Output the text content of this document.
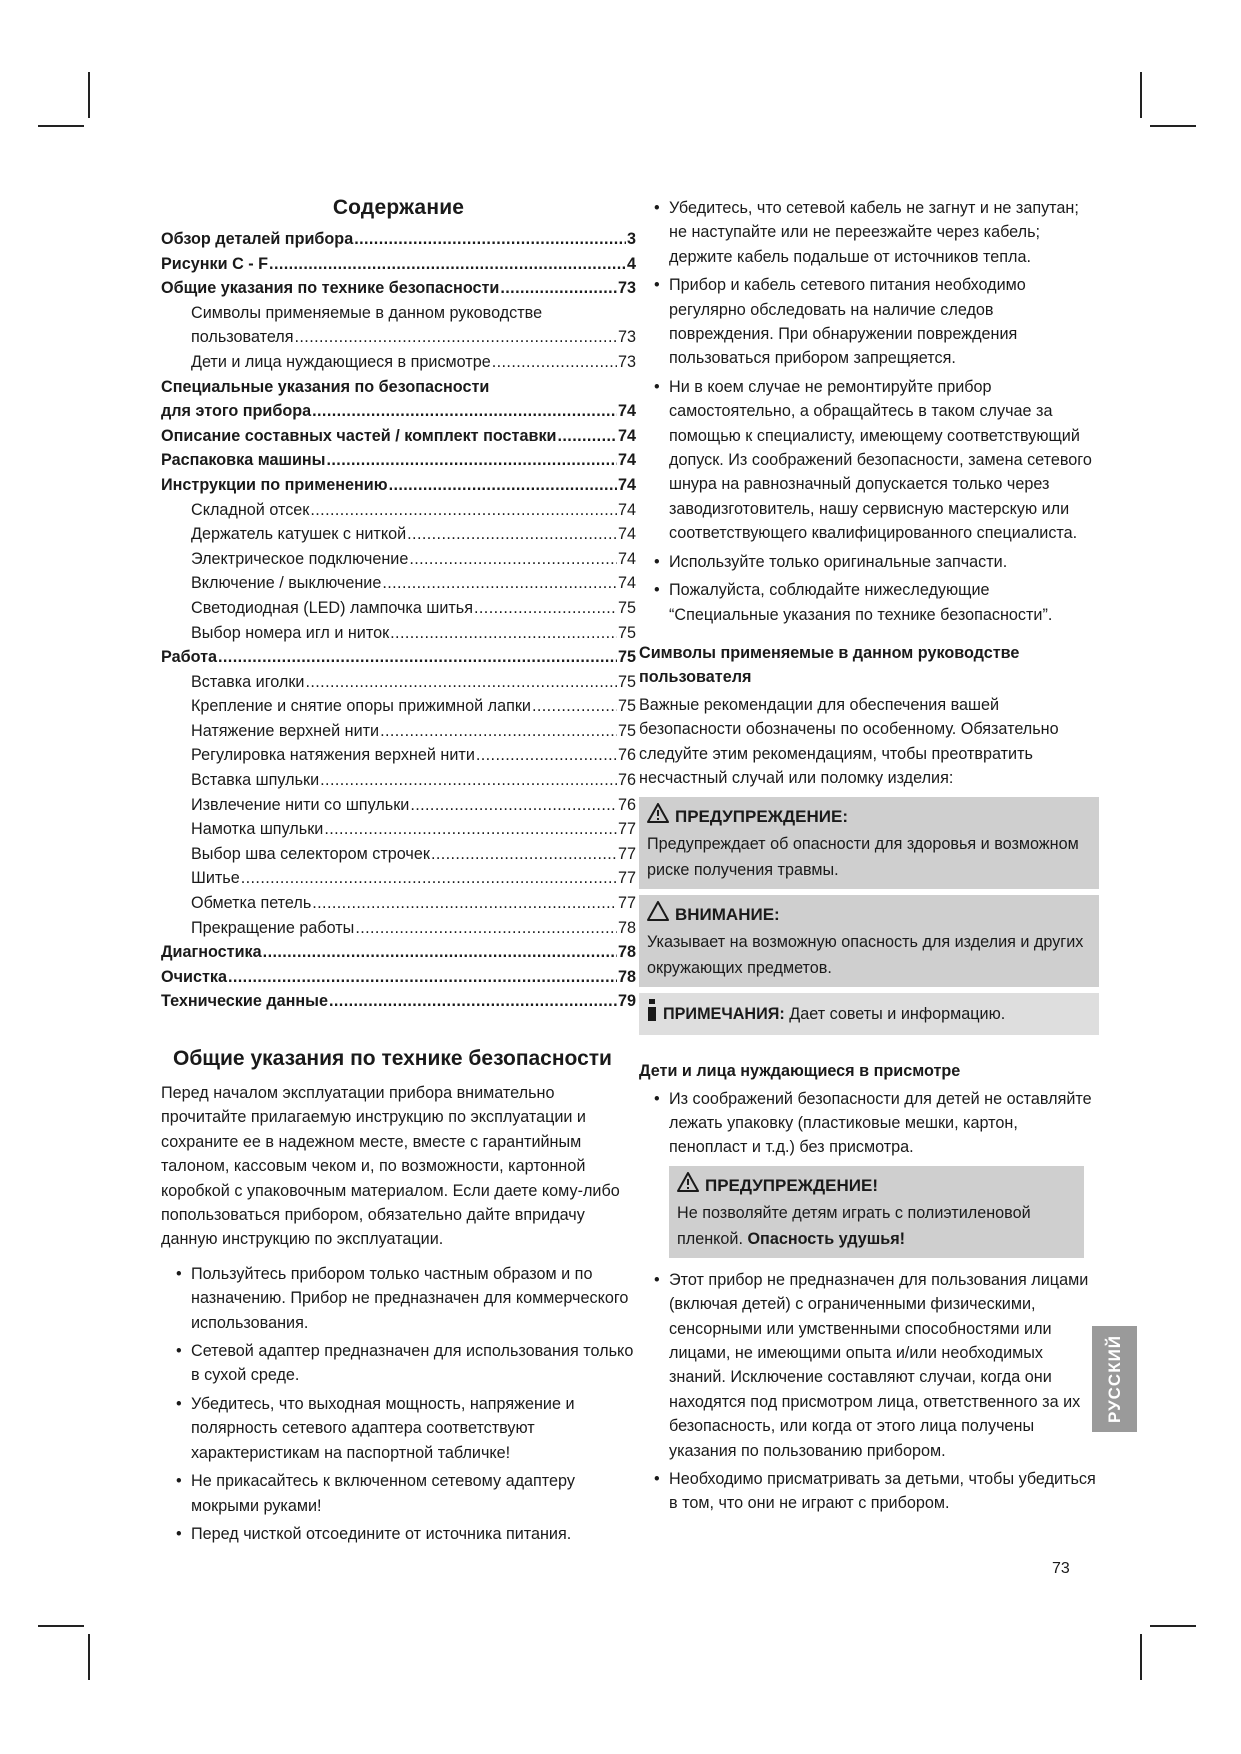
Содержание
Обзор деталей прибора .....	3
Рисунки C - F .....	4
Общие указания по технике безопасности .....	73
Символы применяемые в данном руководстве
пользователя .....	73
Дети и лица нуждающиеся в присмотре .....	73
Специальные указания по безопасности
для этого прибора .....	74
Описание составных частей / комплект поставки .....	74
Распаковка машины .....	74
Инструкции по применению .....	74
Складной отсек .....	74
Держатель катушек с ниткой .....	74
Электрическое подключение .....	74
Включение / выключение .....	74
Светодиодная (LED) лампочка шитья .....	75
Выбор номера игл и ниток .....	75
Работа .....	75
Вставка иголки .....	75
Крепление и снятие опоры прижимной лапки .....	75
Натяжение верхней нити .....	75
Регулировка натяжения верхней нити .....	76
Вставка шпульки .....	76
Извлечение нити со шпульки .....	76
Намотка шпульки .....	77
Выбор шва селектором строчек .....	77
Шитье .....	77
Обметка петель .....	77
Прекращение работы .....	78
Диагностика .....	78
Очистка .....	78
Технические данные .....	79
Общие указания по технике безопасности

Перед началом эксплуатации прибора внимательно прочитайте прилагаемую инструкцию по эксплуатации и сохраните ее в надежном месте, вместе с гарантийным талоном, кассовым чеком и, по возможности, картонной коробкой с упаковочным материалом. Если даете кому-либо попользоваться прибором, обязательно дайте впридачу данную инструкцию по эксплуатации.

• Пользуйтесь прибором только частным образом и по назначению. Прибор не предназначен для коммерческого использования.
• Сетевой адаптер предназначен для использования только в сухой среде.
• Убедитесь, что выходная мощность, напряжение и полярность сетевого адаптера соответствуют характеристикам на паспортной табличке!
• Не прикасайтесь к включенном сетевому адаптеру мокрыми руками!
• Перед чисткой отсоедините от источника питания.
• Убедитесь, что сетевой кабель не загнут и не запутан; не наступайте или не переезжайте через кабель; держите кабель подальше от источников тепла.
• Прибор и кабель сетевого питания необходимо регулярно обследовать на наличие следов повреждения. При обнаружении повреждения пользоваться прибором запрещяется.
• Ни в коем случае не ремонтируйте прибор самостоятельно, а обращайтесь в таком случае за помощью к специалисту, имеющему соответствующий допуск. Из соображений безопасности, замена сетевого шнура на равнозначный допускается только через заводизготовитель, нашу сервисную мастерскую или соответствующего квалифицированного специалиста.
• Используйте только оригинальные запчасти.
• Пожалуйста, соблюдайте нижеследующие “Специальные указания по технике безопасности”.
Символы применяемые в данном руководстве пользователя

Важные рекомендации для обеспечения вашей безопасности обозначены по особенному. Обязательно следуйте этим рекомендациям, чтобы преотвратить несчастный случай или поломку изделия:

ПРЕДУПРЕЖДЕНИЕ:
Предупреждает об опасности для здоровья и возможном риске получения травмы.
ВНИМАНИЕ:
Указывает на возможную опасность для изделия и других окружающих предметов.
ПРИМЕЧАНИЯ: Дает советы и информацию.
Дети и лица нуждающиеся в присмотре
• Из соображений безопасности для детей не оставляйте лежать упаковку (пластиковые мешки, картон, пенопласт и т.д.) без присмотра.
ПРЕДУПРЕЖДЕНИЕ!
Не позволяйте детям играть с полиэтиленовой пленкой. Опасность удушья!
• Этот прибор не предназначен для пользования лицами (включая детей) с ограниченными физическими, сенсорными или умственными способностями или лицами, не имеющими опыта и/или необходимых знаний. Исключение составляют случаи, когда они находятся под присмотром лица, ответственного за их безопасность, или когда от этого лица получены указания по пользованию прибором.
• Необходимо присматривать за детьми, чтобы убедиться в том, что они не играют с прибором.
РУССКИЙ
73
